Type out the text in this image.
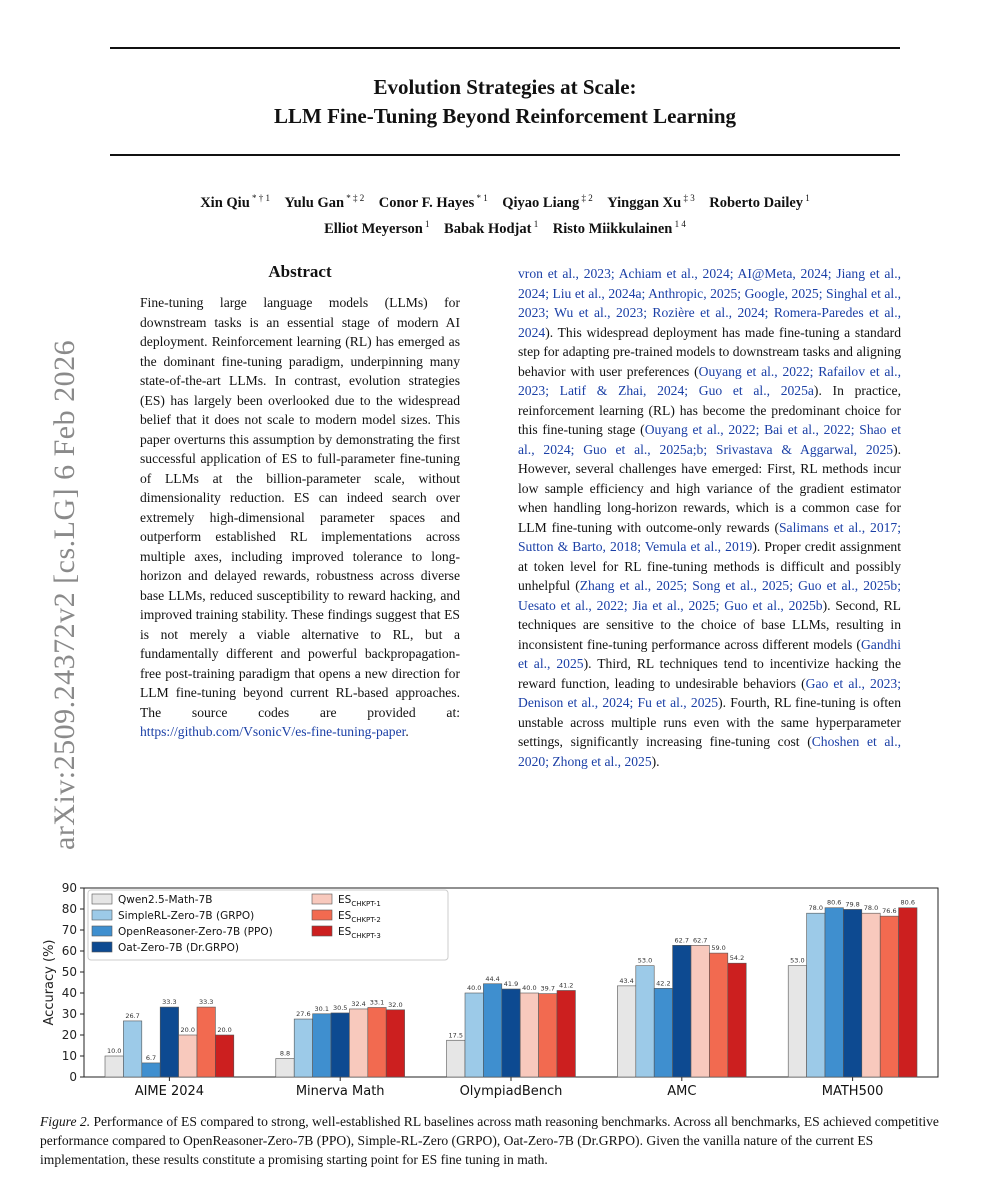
Evolution Strategies at Scale:
LLM Fine-Tuning Beyond Reinforcement Learning
Xin Qiu $^{* \dagger 1}$  Yulu Gan $^{* \ddagger 2}$  Conor F. Hayes $^{* 1}$  Qiyao Liang $^{\ddagger 2}$  Yinggan Xu $^{\ddagger 3}$  Roberto Dailey $^1$
Elliot Meyerson $^1$  Babak Hodjat $^1$  Risto Miikkulainen $^{1 4}$
arXiv:2509.24372v2 [cs.LG] 6 Feb 2026
Abstract
Fine-tuning large language models (LLMs) for downstream tasks is an essential stage of modern AI deployment. Reinforcement learning (RL) has emerged as the dominant fine-tuning paradigm, underpinning many state-of-the-art LLMs. In contrast, evolution strategies (ES) has largely been overlooked due to the widespread belief that it does not scale to modern model sizes. This paper overturns this assumption by demonstrating the first successful application of ES to full-parameter fine-tuning of LLMs at the billion-parameter scale, without dimensionality reduction. ES can indeed search over extremely high-dimensional parameter spaces and outperform established RL implementations across multiple axes, including improved tolerance to long-horizon and delayed rewards, robustness across diverse base LLMs, reduced susceptibility to reward hacking, and improved training stability. These findings suggest that ES is not merely a viable alternative to RL, but a fundamentally different and powerful backpropagation-free post-training paradigm that opens a new direction for LLM fine-tuning beyond current RL-based approaches. The source codes are provided at: https://github.com/VsonicV/es-fine-tuning-paper.
vron et al., 2023; Achiam et al., 2024; AI@Meta, 2024; Jiang et al., 2024; Liu et al., 2024a; Anthropic, 2025; Google, 2025; Singhal et al., 2023; Wu et al., 2023; Rozière et al., 2024; Romera-Paredes et al., 2024). This widespread deployment has made fine-tuning a standard step for adapting pre-trained models to downstream tasks and aligning behavior with user preferences (Ouyang et al., 2022; Rafailov et al., 2023; Latif & Zhai, 2024; Guo et al., 2025a). In practice, reinforcement learning (RL) has become the predominant choice for this fine-tuning stage (Ouyang et al., 2022; Bai et al., 2022; Shao et al., 2024; Guo et al., 2025a;b; Srivastava & Aggarwal, 2025). However, several challenges have emerged: First, RL methods incur low sample efficiency and high variance of the gradient estimator when handling long-horizon rewards, which is a common case for LLM fine-tuning with outcome-only rewards (Salimans et al., 2017; Sutton & Barto, 2018; Vemula et al., 2019). Proper credit assignment at token level for RL fine-tuning methods is difficult and possibly unhelpful (Zhang et al., 2025; Song et al., 2025; Guo et al., 2025b; Uesato et al., 2022; Jia et al., 2025; Guo et al., 2025b). Second, RL techniques are sensitive to the choice of base LLMs, resulting in inconsistent fine-tuning performance across different models (Gandhi et al., 2025). Third, RL techniques tend to incentivize hacking the reward function, leading to undesirable behaviors (Gao et al., 2023; Denison et al., 2024; Fu et al., 2025). Fourth, RL fine-tuning is often unstable across multiple runs even with the same hyperparameter settings, significantly increasing fine-tuning cost (Choshen et al., 2020; Zhong et al., 2025).
0
10
20
30
40
50
60
70
80
90
Accuracy (%)
AIME 2024
10.0
26.7
6.7
33.3
20.0
33.3
20.0
Minerva Math
8.8
27.6
30.1 30.5 32.4 33.1 32.0
OlympiadBench
17.5
40.0
44.4
41.9 40.0 39.7 41.2
AMC
43.4
53.0
42.2
62.7 62.7
59.0
54.2
MATH500
53.0
78.0
80.6 79.8 78.0 76.6
80.6
Qwen2.5-Math-7B
SimpleRL-Zero-7B (GRPO)
OpenReasoner-Zero-7B (PPO)
Oat-Zero-7B (Dr.GRPO)
$ES_{CHKPT-1}$
$ES_{CHKPT-2}$
$ES_{CHKPT-3}$
Figure 2. Performance of ES compared to strong, well-established RL baselines across math reasoning benchmarks. Across all benchmarks, ES achieved competitive performance compared to OpenReasoner-Zero-7B (PPO), Simple-RL-Zero (GRPO), Oat-Zero-7B (Dr.GRPO). Given the vanilla nature of the current ES implementation, these results constitute a promising starting point for ES fine tuning in math.
